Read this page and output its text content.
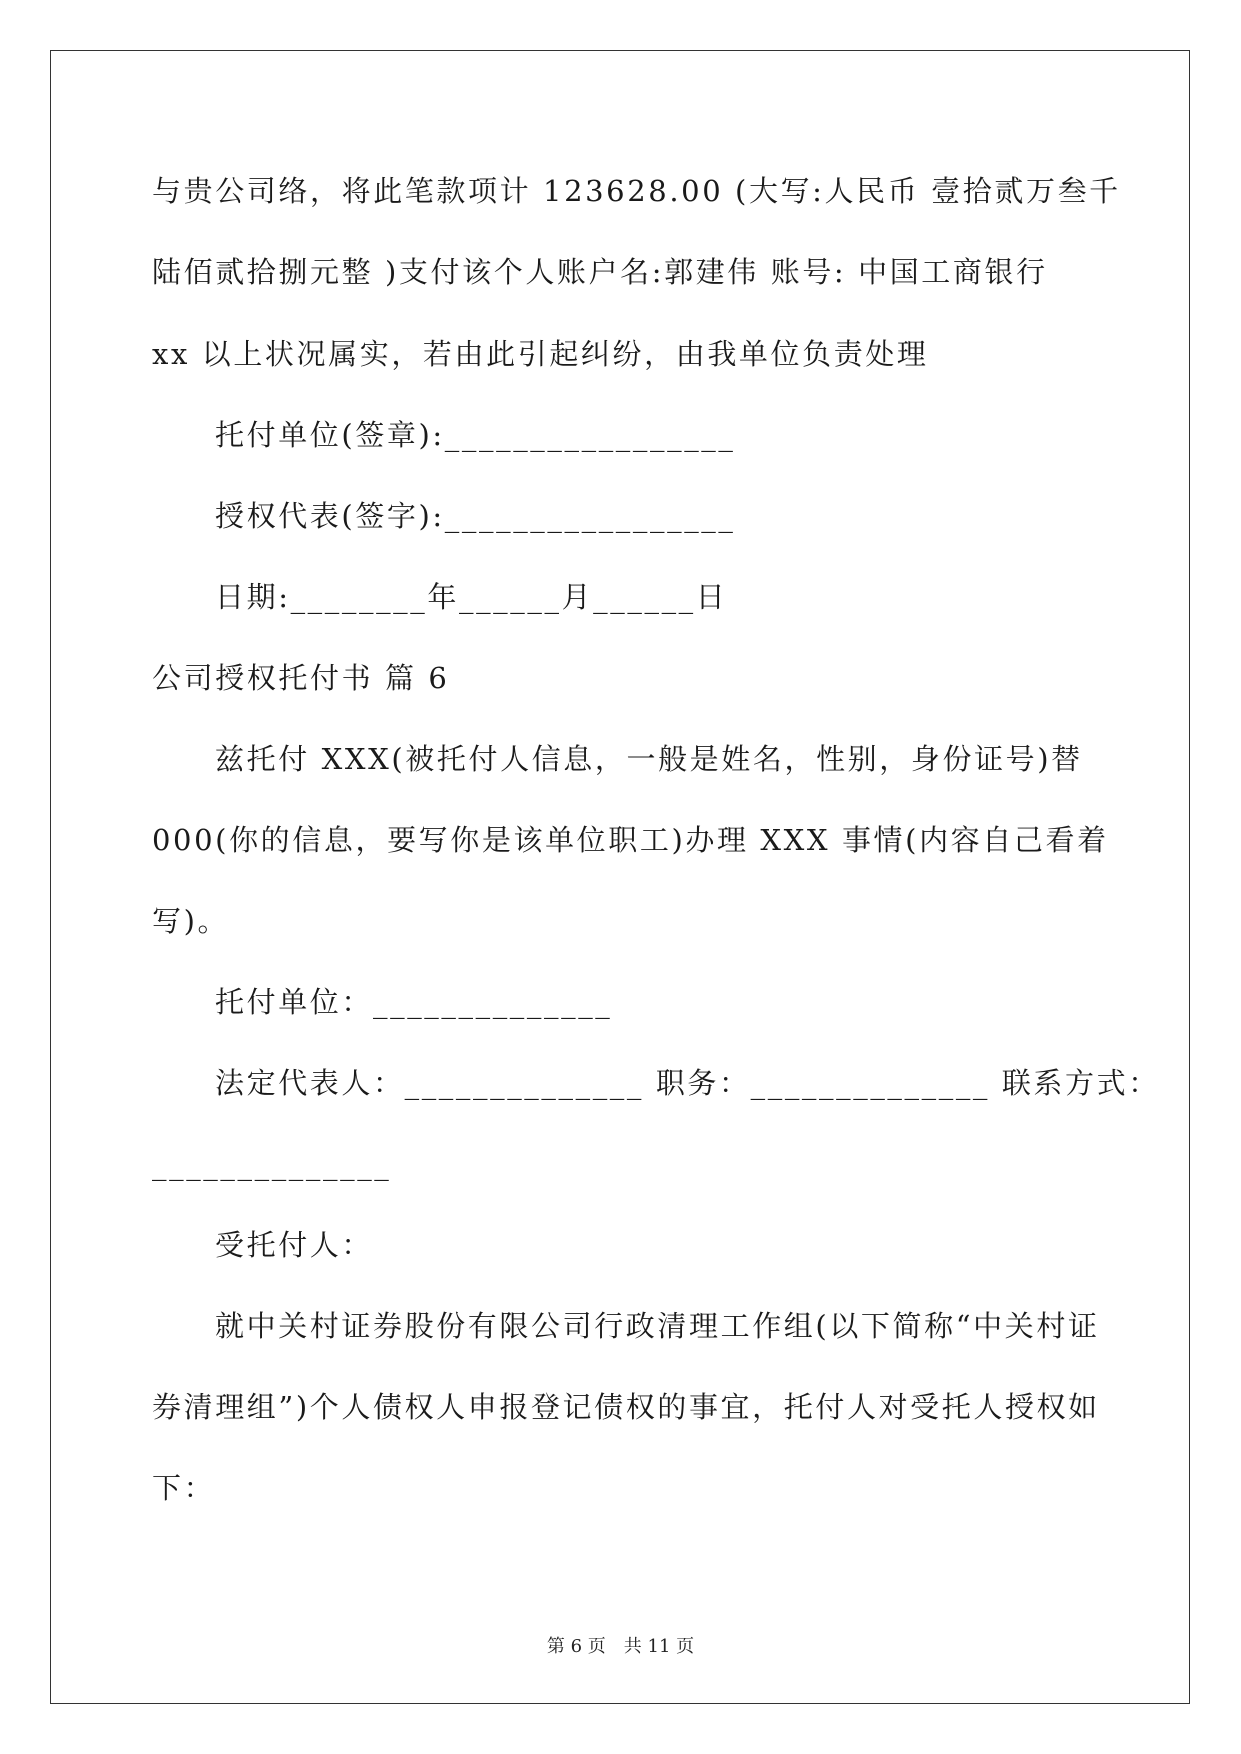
与贵公司络，将此笔款项计 123628.00 (大写:人民币 壹拾贰万叁千
陆佰贰拾捌元整 )支付该个人账户名:郭建伟 账号: 中国工商银行
xx 以上状况属实，若由此引起纠纷，由我单位负责处理
托付单位(签章):_________________
授权代表(签字):_________________
日期:________年______月______日
公司授权托付书 篇 6
兹托付 XXX(被托付人信息，一般是姓名，性别，身份证号)替
000(你的信息，要写你是该单位职工)办理 XXX 事情(内容自己看着
写)。
托付单位：______________
法定代表人：______________ 职务：______________ 联系方式：
______________
受托付人：
就中关村证券股份有限公司行政清理工作组(以下简称“中关村证
券清理组”)个人债权人申报登记债权的事宜，托付人对受托人授权如
下：
第 6 页 共 11 页
